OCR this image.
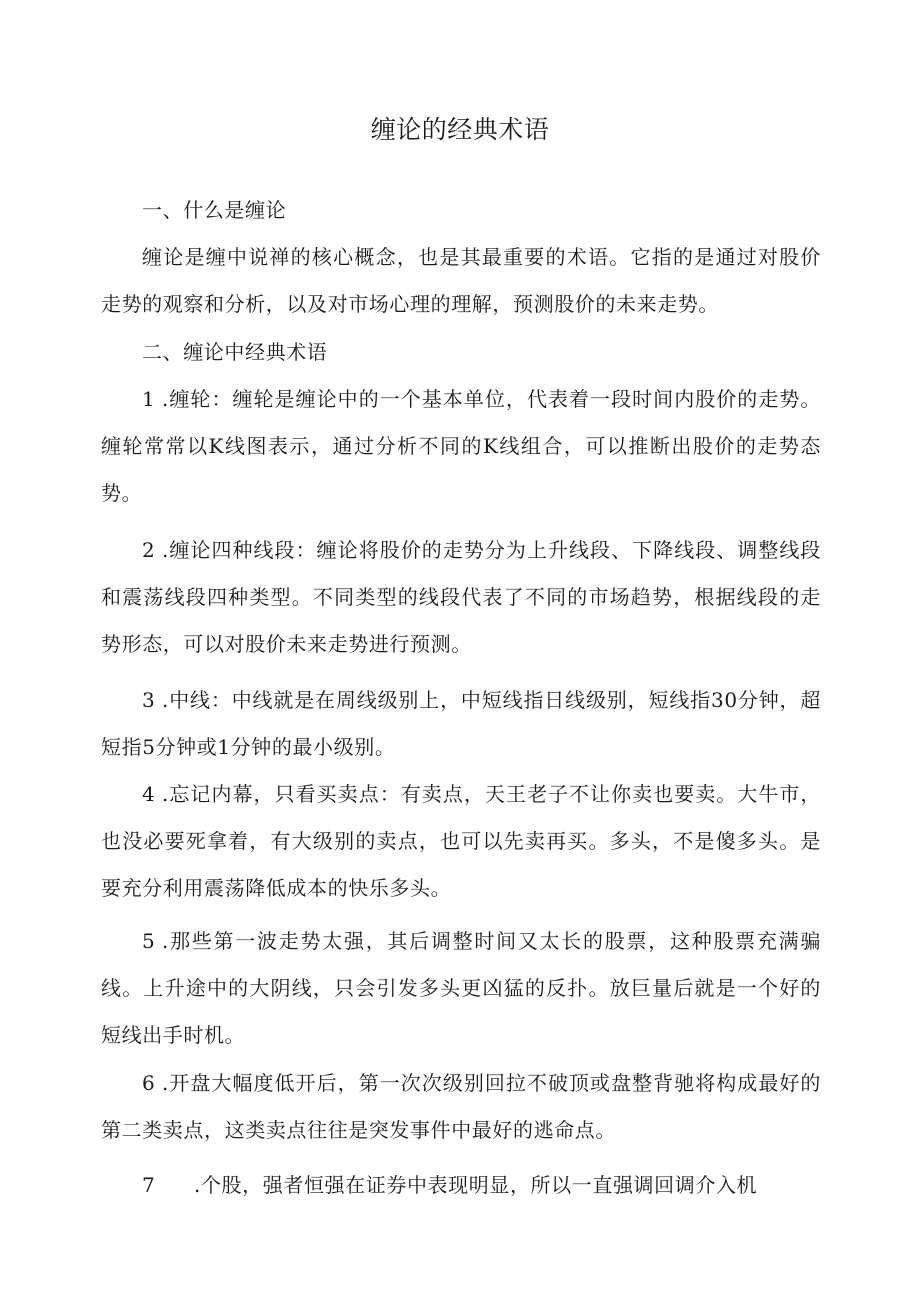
缠论的经典术语
一、什么是缠论

缠论是缠中说禅的核心概念，也是其最重要的术语。它指的是通过对股价走势的观察和分析，以及对市场心理的理解，预测股价的未来走势。

二、缠论中经典术语

1 .缠轮：缠轮是缠论中的一个基本单位，代表着一段时间内股价的走势。缠轮常常以K线图表示，通过分析不同的K线组合，可以推断出股价的走势态势。

2 .缠论四种线段：缠论将股价的走势分为上升线段、下降线段、调整线段和震荡线段四种类型。不同类型的线段代表了不同的市场趋势，根据线段的走势形态，可以对股价未来走势进行预测。

3 .中线：中线就是在周线级别上，中短线指日线级别，短线指30分钟，超短指5分钟或1分钟的最小级别。

4 .忘记内幕，只看买卖点：有卖点，天王老子不让你卖也要卖。大牛市，也没必要死拿着，有大级别的卖点，也可以先卖再买。多头，不是傻多头。是要充分利用震荡降低成本的快乐多头。

5 .那些第一波走势太强，其后调整时间又太长的股票，这种股票充满骗线。上升途中的大阴线，只会引发多头更凶猛的反扑。放巨量后就是一个好的短线出手时机。

6 .开盘大幅度低开后，第一次次级别回拉不破顶或盘整背驰将构成最好的第二类卖点，这类卖点往往是突发事件中最好的逃命点。

7 .个股，强者恒强在证券中表现明显，所以一直强调回调介入机
